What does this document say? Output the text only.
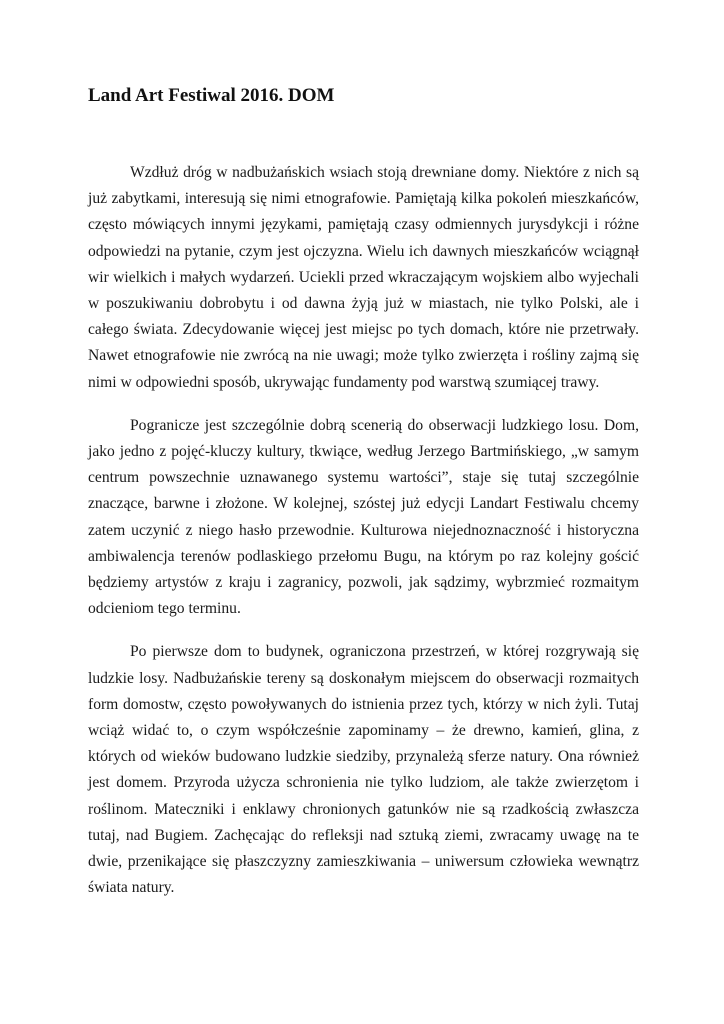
Land Art Festiwal 2016. DOM

Wzdłuż dróg w nadbużańskich wsiach stoją drewniane domy. Niektóre z nich są już zabytkami, interesują się nimi etnografowie. Pamiętają kilka pokoleń mieszkańców, często mówiących innymi językami, pamiętają czasy odmiennych jurysdykcji i różne odpowiedzi na pytanie, czym jest ojczyzna. Wielu ich dawnych mieszkańców wciągnął wir wielkich i małych wydarzeń. Uciekli przed wkraczającym wojskiem albo wyjechali w poszukiwaniu dobrobytu i od dawna żyją już w miastach, nie tylko Polski, ale i całego świata. Zdecydowanie więcej jest miejsc po tych domach, które nie przetrwały. Nawet etnografowie nie zwrócą na nie uwagi; może tylko zwierzęta i rośliny zajmą się nimi w odpowiedni sposób, ukrywając fundamenty pod warstwą szumiącej trawy.

Pogranicze jest szczególnie dobrą scenerią do obserwacji ludzkiego losu. Dom, jako jedno z pojęć-kluczy kultury, tkwiące, według Jerzego Bartmińskiego, „w samym centrum powszechnie uznawanego systemu wartości”, staje się tutaj szczególnie znaczące, barwne i złożone. W kolejnej, szóstej już edycji Landart Festiwalu chcemy zatem uczynić z niego hasło przewodnie. Kulturowa niejednoznaczność i historyczna ambiwalencja terenów podlaskiego przełomu Bugu, na którym po raz kolejny gościć będziemy artystów z kraju i zagranicy, pozwoli, jak sądzimy, wybrzmieć rozmaitym odcieniom tego terminu.

Po pierwsze dom to budynek, ograniczona przestrzeń, w której rozgrywają się ludzkie losy. Nadbużańskie tereny są doskonałym miejscem do obserwacji rozmaitych form domostw, często powoływanych do istnienia przez tych, którzy w nich żyli. Tutaj wciąż widać to, o czym współcześnie zapominamy – że drewno, kamień, glina, z których od wieków budowano ludzkie siedziby, przynależą sferze natury. Ona również jest domem. Przyroda użycza schronienia nie tylko ludziom, ale także zwierzętom i roślinom. Mateczniki i enklawy chronionych gatunków nie są rzadkością zwłaszcza tutaj, nad Bugiem. Zachęcając do refleksji nad sztuką ziemi, zwracamy uwagę na te dwie, przenikające się płaszczyzny zamieszkiwania – uniwersum człowieka wewnątrz świata natury.
